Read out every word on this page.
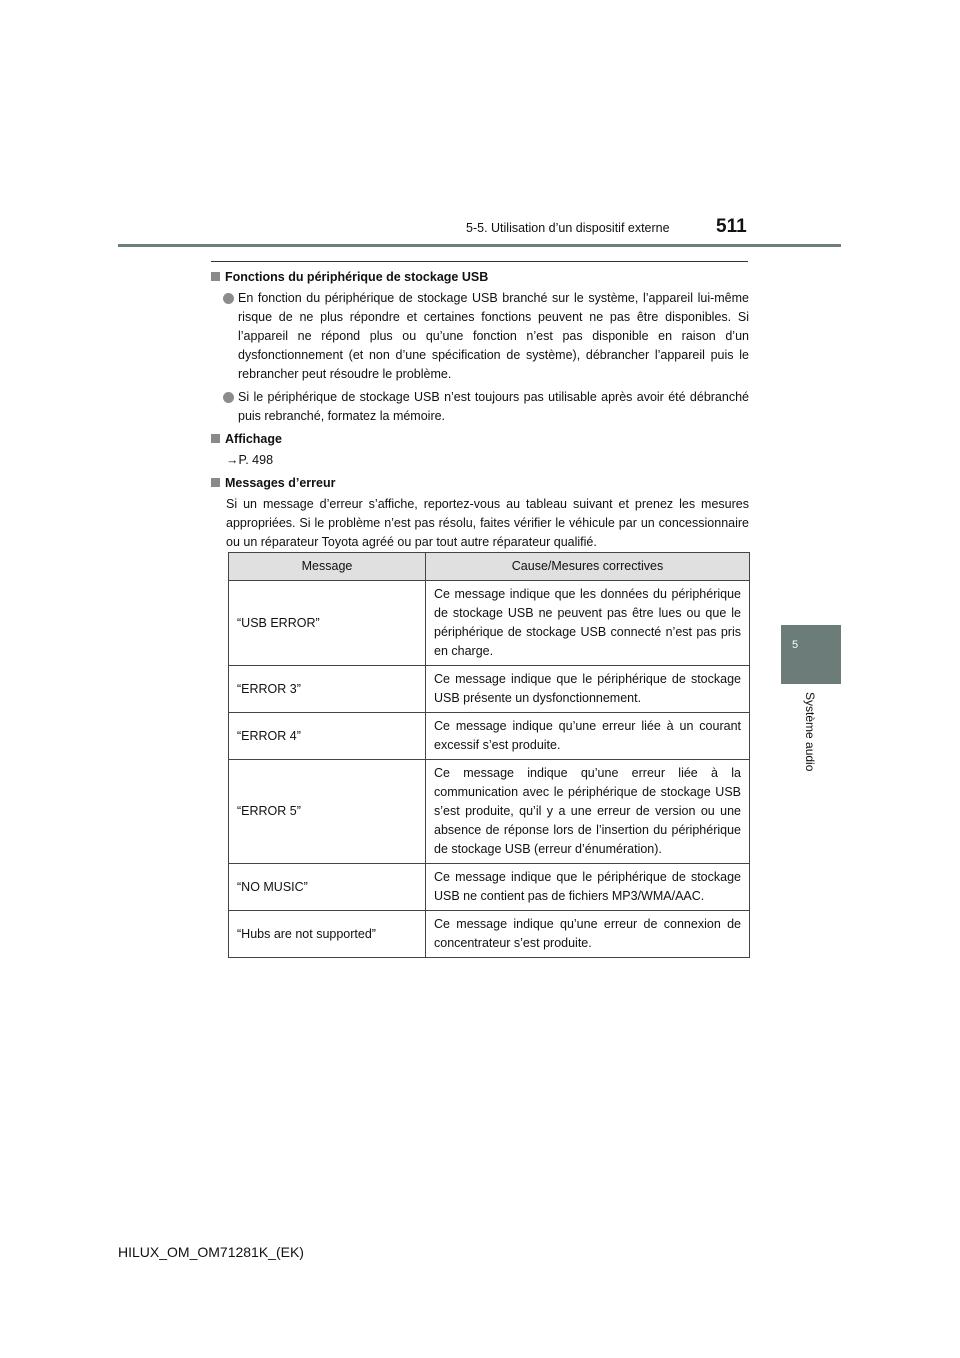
5-5. Utilisation d’un dispositif externe 511
5
Système audio
Fonctions du périphérique de stockage USB
En fonction du périphérique de stockage USB branché sur le système, l’appareil lui-même risque de ne plus répondre et certaines fonctions peuvent ne pas être disponibles. Si l’appareil ne répond plus ou qu’une fonction n’est pas disponible en raison d’un dysfonctionnement (et non d’une spécification de système), débrancher l’appareil puis le rebrancher peut résoudre le problème.
Si le périphérique de stockage USB n’est toujours pas utilisable après avoir été débranché puis rebranché, formatez la mémoire.
Affichage
→P. 498
Messages d’erreur
Si un message d’erreur s’affiche, reportez-vous au tableau suivant et prenez les mesures appropriées. Si le problème n’est pas résolu, faites vérifier le véhicule par un concessionnaire ou un réparateur Toyota agréé ou par tout autre réparateur qualifié.
Message	Cause/Mesures correctives
“USB ERROR”	Ce message indique que les données du périphérique de stockage USB ne peuvent pas être lues ou que le périphérique de stockage USB connecté n’est pas pris en charge.
“ERROR 3”	Ce message indique que le périphérique de stockage USB présente un dysfonctionnement.
“ERROR 4”	Ce message indique qu’une erreur liée à un courant excessif s’est produite.
“ERROR 5”	Ce message indique qu’une erreur liée à la communication avec le périphérique de stockage USB s’est produite, qu’il y a une erreur de version ou une absence de réponse lors de l’insertion du périphérique de stockage USB (erreur d’énumération).
“NO MUSIC”	Ce message indique que le périphérique de stockage USB ne contient pas de fichiers MP3/WMA/AAC.
“Hubs are not supported”	Ce message indique qu’une erreur de connexion de concentrateur s’est produite.
HILUX_OM_OM71281K_(EK)
